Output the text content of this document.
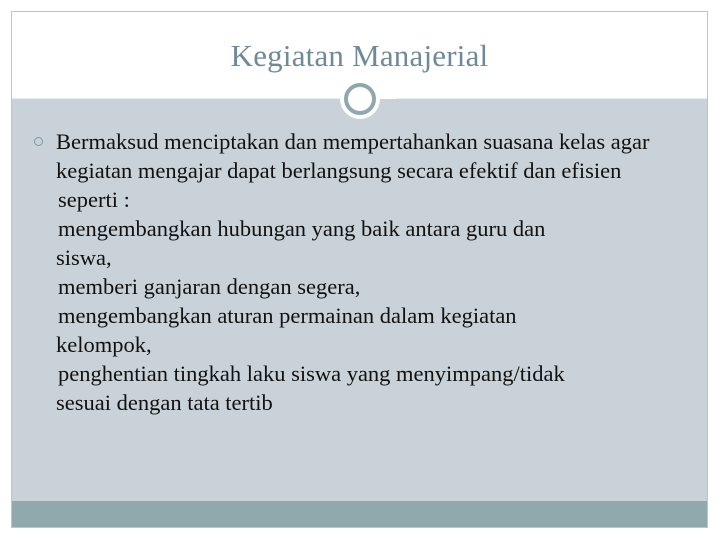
Kegiatan Manajerial
Bermaksud menciptakan dan mempertahankan suasana kelas agar kegiatan mengajar dapat berlangsung secara efektif dan efisien
seperti :
mengembangkan hubungan yang baik antara guru dan
siswa,
memberi ganjaran dengan segera,
mengembangkan aturan permainan dalam kegiatan
kelompok,
penghentian tingkah laku siswa yang menyimpang/tidak
sesuai dengan tata tertib
